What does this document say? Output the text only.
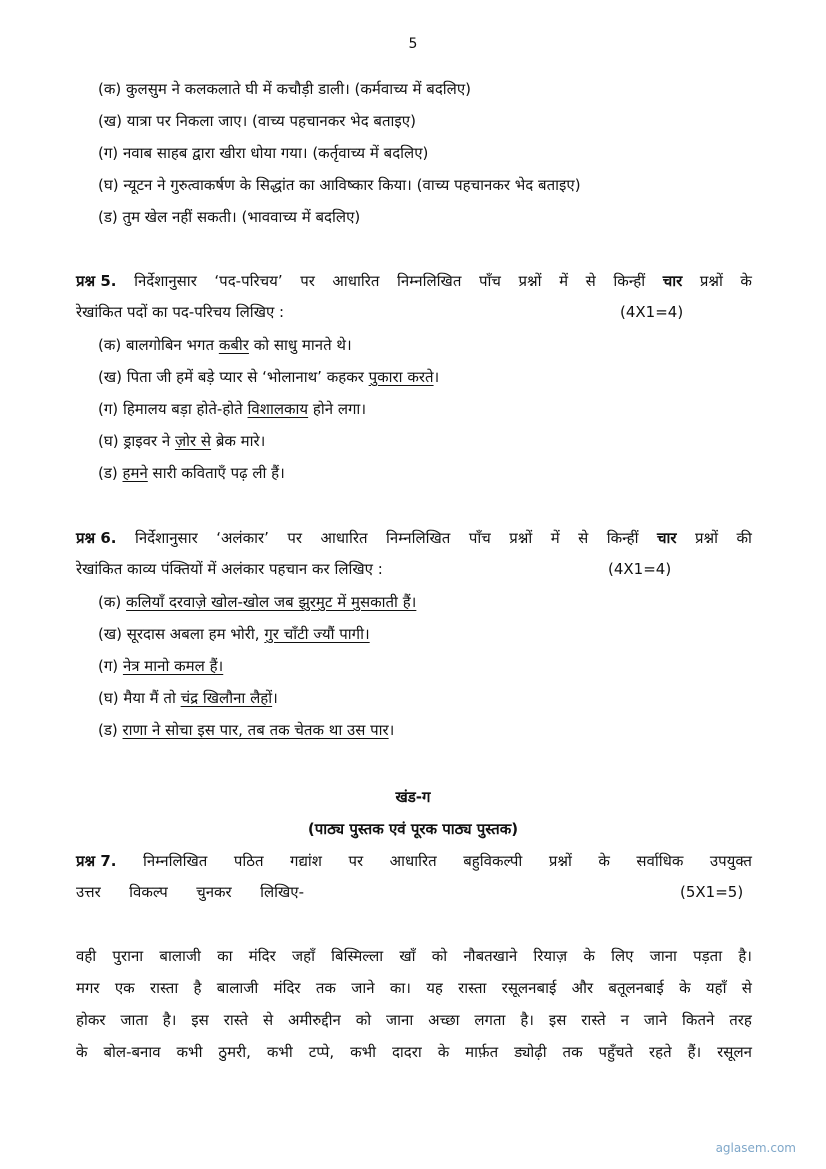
5
(क) कुलसुम ने कलकलाते घी में कचौड़ी डाली। (कर्मवाच्य में बदलिए)
(ख) यात्रा पर निकला जाए। (वाच्य पहचानकर भेद बताइए)
(ग) नवाब साहब द्वारा खीरा धोया गया। (कर्तृवाच्य में बदलिए)
(घ) न्यूटन ने गुरुत्वाकर्षण के सिद्धांत का आविष्कार किया। (वाच्य पहचानकर भेद बताइए)
(ड) तुम खेल नहीं सकती। (भाववाच्य में बदलिए)
प्रश्न 5. निर्देशानुसार ‘पद-परिचय’ पर आधारित निम्नलिखित पाँच प्रश्नों में से किन्हीं चार प्रश्नों के
रेखांकित पदों का पद-परिचय लिखिए :	(4X1=4)
(क) बालगोबिन भगत कबीर को साधु मानते थे।
(ख) पिता जी हमें बड़े प्यार से ‘भोलानाथ’ कहकर पुकारा करते।
(ग) हिमालय बड़ा होते-होते विशालकाय होने लगा।
(घ) ड्राइवर ने ज़ोर से ब्रेक मारे।
(ड) हमने सारी कविताएँ पढ़ ली हैं।
प्रश्न 6. निर्देशानुसार ‘अलंकार’ पर आधारित निम्नलिखित पाँच प्रश्नों में से किन्हीं चार प्रश्नों की
रेखांकित काव्य पंक्तियों में अलंकार पहचान कर लिखिए :	(4X1=4)
(क) कलियाँ दरवाज़े खोल-खोल जब झुरमुट में मुसकाती हैं।
(ख) सूरदास अबला हम भोरी, गुर चाँटी ज्यौं पागी।
(ग) नेत्र मानो कमल हैं।
(घ) मैया मैं तो चंद्र खिलौना लैहों।
(ड) राणा ने सोचा इस पार, तब तक चेतक था उस पार।
खंड-ग
(पाठ्य पुस्तक एवं पूरक पाठ्य पुस्तक)
प्रश्न 7. निम्नलिखित पठित गद्यांश पर आधारित बहुविकल्पी प्रश्नों के सर्वाधिक उपयुक्त
उत्तर विकल्प चुनकर लिखिए-	(5X1=5)
वही पुराना बालाजी का मंदिर जहाँ बिस्मिल्ला खाँ को नौबतखाने रियाज़ के लिए जाना पड़ता है।
मगर एक रास्ता है बालाजी मंदिर तक जाने का। यह रास्ता रसूलनबाई और बतूलनबाई के यहाँ से
होकर जाता है। इस रास्ते से अमीरुद्दीन को जाना अच्छा लगता है। इस रास्ते न जाने कितने तरह
के बोल-बनाव कभी ठुमरी, कभी टप्पे, कभी दादरा के मार्फ़त ड्योढ़ी तक पहुँचते रहते हैं। रसूलन
aglasem.com
